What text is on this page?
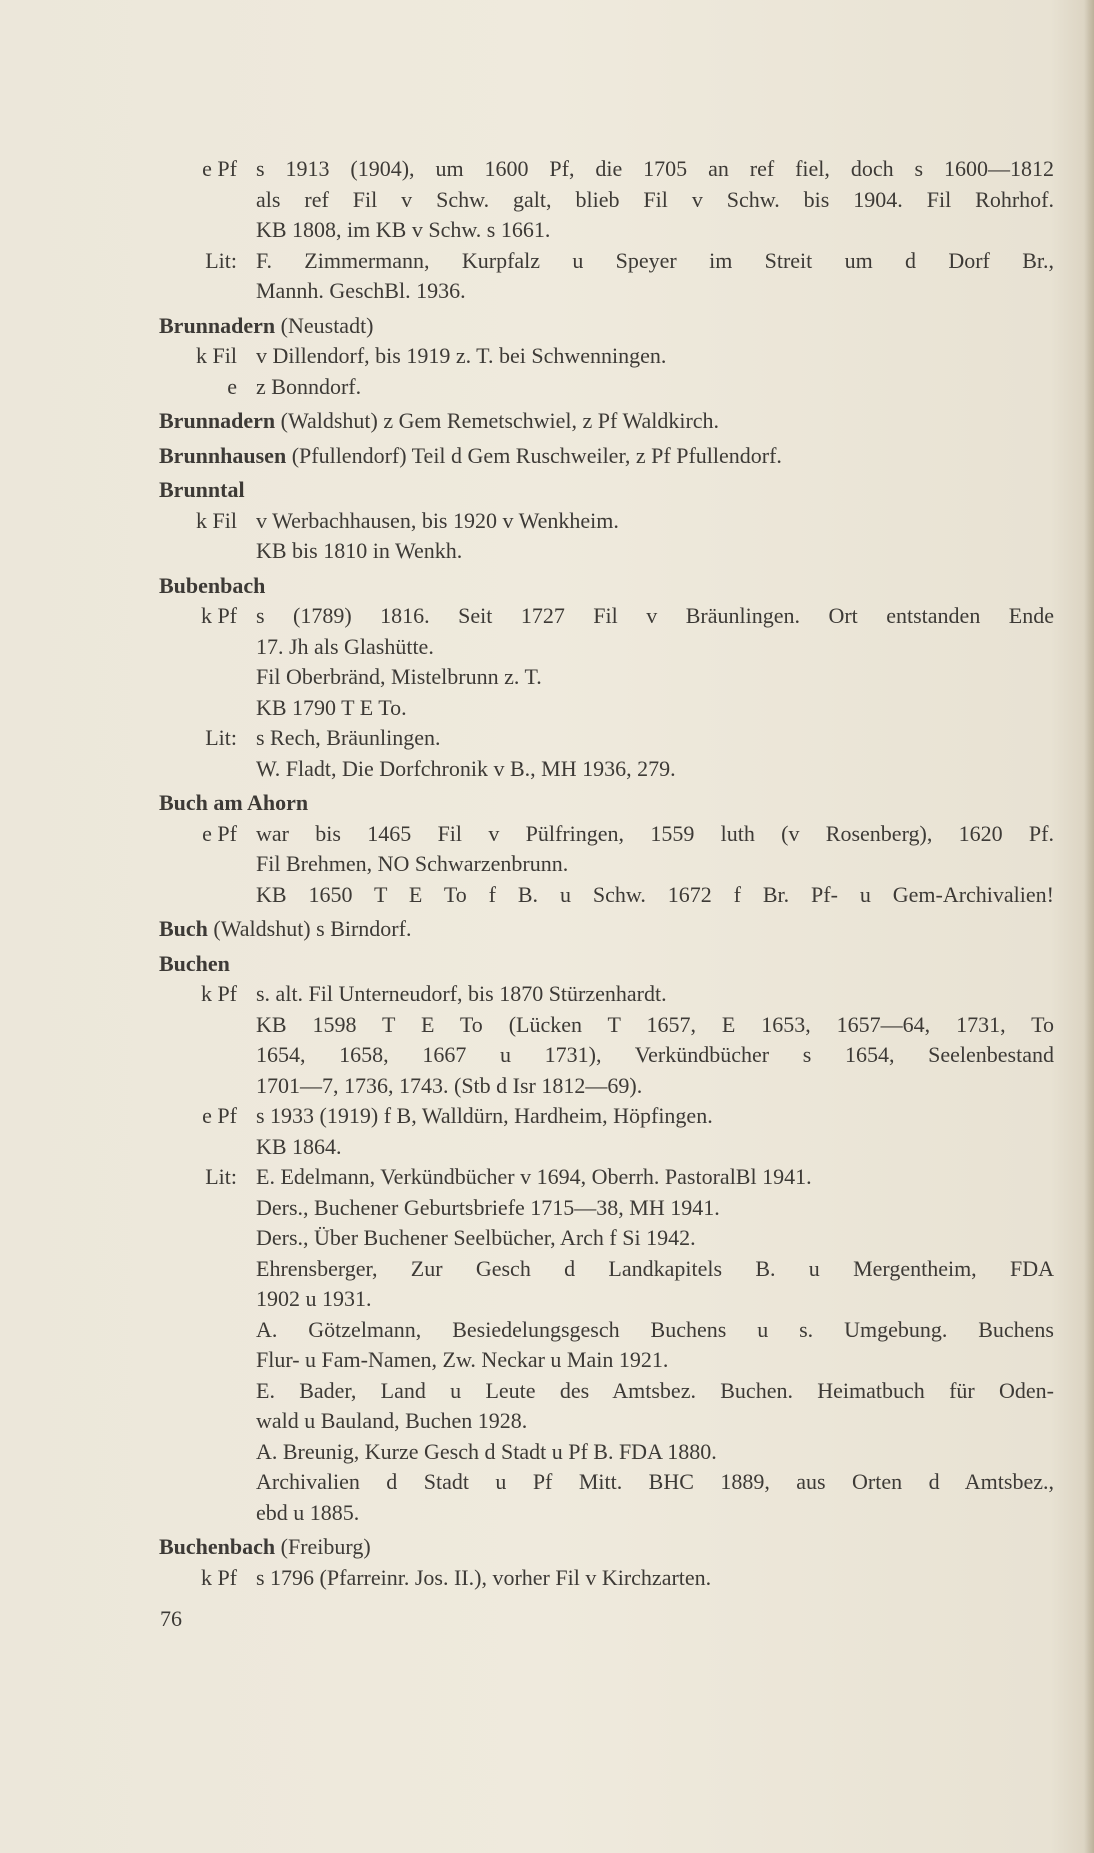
e Pf s 1913 (1904), um 1600 Pf, die 1705 an ref fiel, doch s 1600—1812
als ref Fil v Schw. galt, blieb Fil v Schw. bis 1904. Fil Rohrhof.
KB 1808, im KB v Schw. s 1661.
Lit: F. Zimmermann, Kurpfalz u Speyer im Streit um d Dorf Br.,
Mannh. GeschBl. 1936.
Brunnadern (Neustadt)
k Fil v Dillendorf, bis 1919 z. T. bei Schwenningen.
e z Bonndorf.
Brunnadern (Waldshut) z Gem Remetschwiel, z Pf Waldkirch.
Brunnhausen (Pfullendorf) Teil d Gem Ruschweiler, z Pf Pfullendorf.
Brunntal
k Fil v Werbachhausen, bis 1920 v Wenkheim.
KB bis 1810 in Wenkh.
Bubenbach
k Pf s (1789) 1816. Seit 1727 Fil v Bräunlingen. Ort entstanden Ende
17. Jh als Glashütte.
Fil Oberbränd, Mistelbrunn z. T.
KB 1790 T E To.
Lit: s Rech, Bräunlingen.
W. Fladt, Die Dorfchronik v B., MH 1936, 279.
Buch am Ahorn
e Pf war bis 1465 Fil v Pülfringen, 1559 luth (v Rosenberg), 1620 Pf.
Fil Brehmen, NO Schwarzenbrunn.
KB 1650 T E To f B. u Schw. 1672 f Br. Pf- u Gem-Archivalien!
Buch (Waldshut) s Birndorf.
Buchen
k Pf s. alt. Fil Unterneudorf, bis 1870 Stürzenhardt.
KB 1598 T E To (Lücken T 1657, E 1653, 1657—64, 1731, To
1654, 1658, 1667 u 1731), Verkündbücher s 1654, Seelenbestand
1701—7, 1736, 1743. (Stb d Isr 1812—69).
e Pf s 1933 (1919) f B, Walldürn, Hardheim, Höpfingen.
KB 1864.
Lit: E. Edelmann, Verkündbücher v 1694, Oberrh. PastoralBl 1941.
Ders., Buchener Geburtsbriefe 1715—38, MH 1941.
Ders., Über Buchener Seelbücher, Arch f Si 1942.
Ehrensberger, Zur Gesch d Landkapitels B. u Mergentheim, FDA
1902 u 1931.
A. Götzelmann, Besiedelungsgesch Buchens u s. Umgebung. Buchens
Flur- u Fam-Namen, Zw. Neckar u Main 1921.
E. Bader, Land u Leute des Amtsbez. Buchen. Heimatbuch für Oden-
wald u Bauland, Buchen 1928.
A. Breunig, Kurze Gesch d Stadt u Pf B. FDA 1880.
Archivalien d Stadt u Pf Mitt. BHC 1889, aus Orten d Amtsbez.,
ebd u 1885.
Buchenbach (Freiburg)
k Pf s 1796 (Pfarreinr. Jos. II.), vorher Fil v Kirchzarten.
76
